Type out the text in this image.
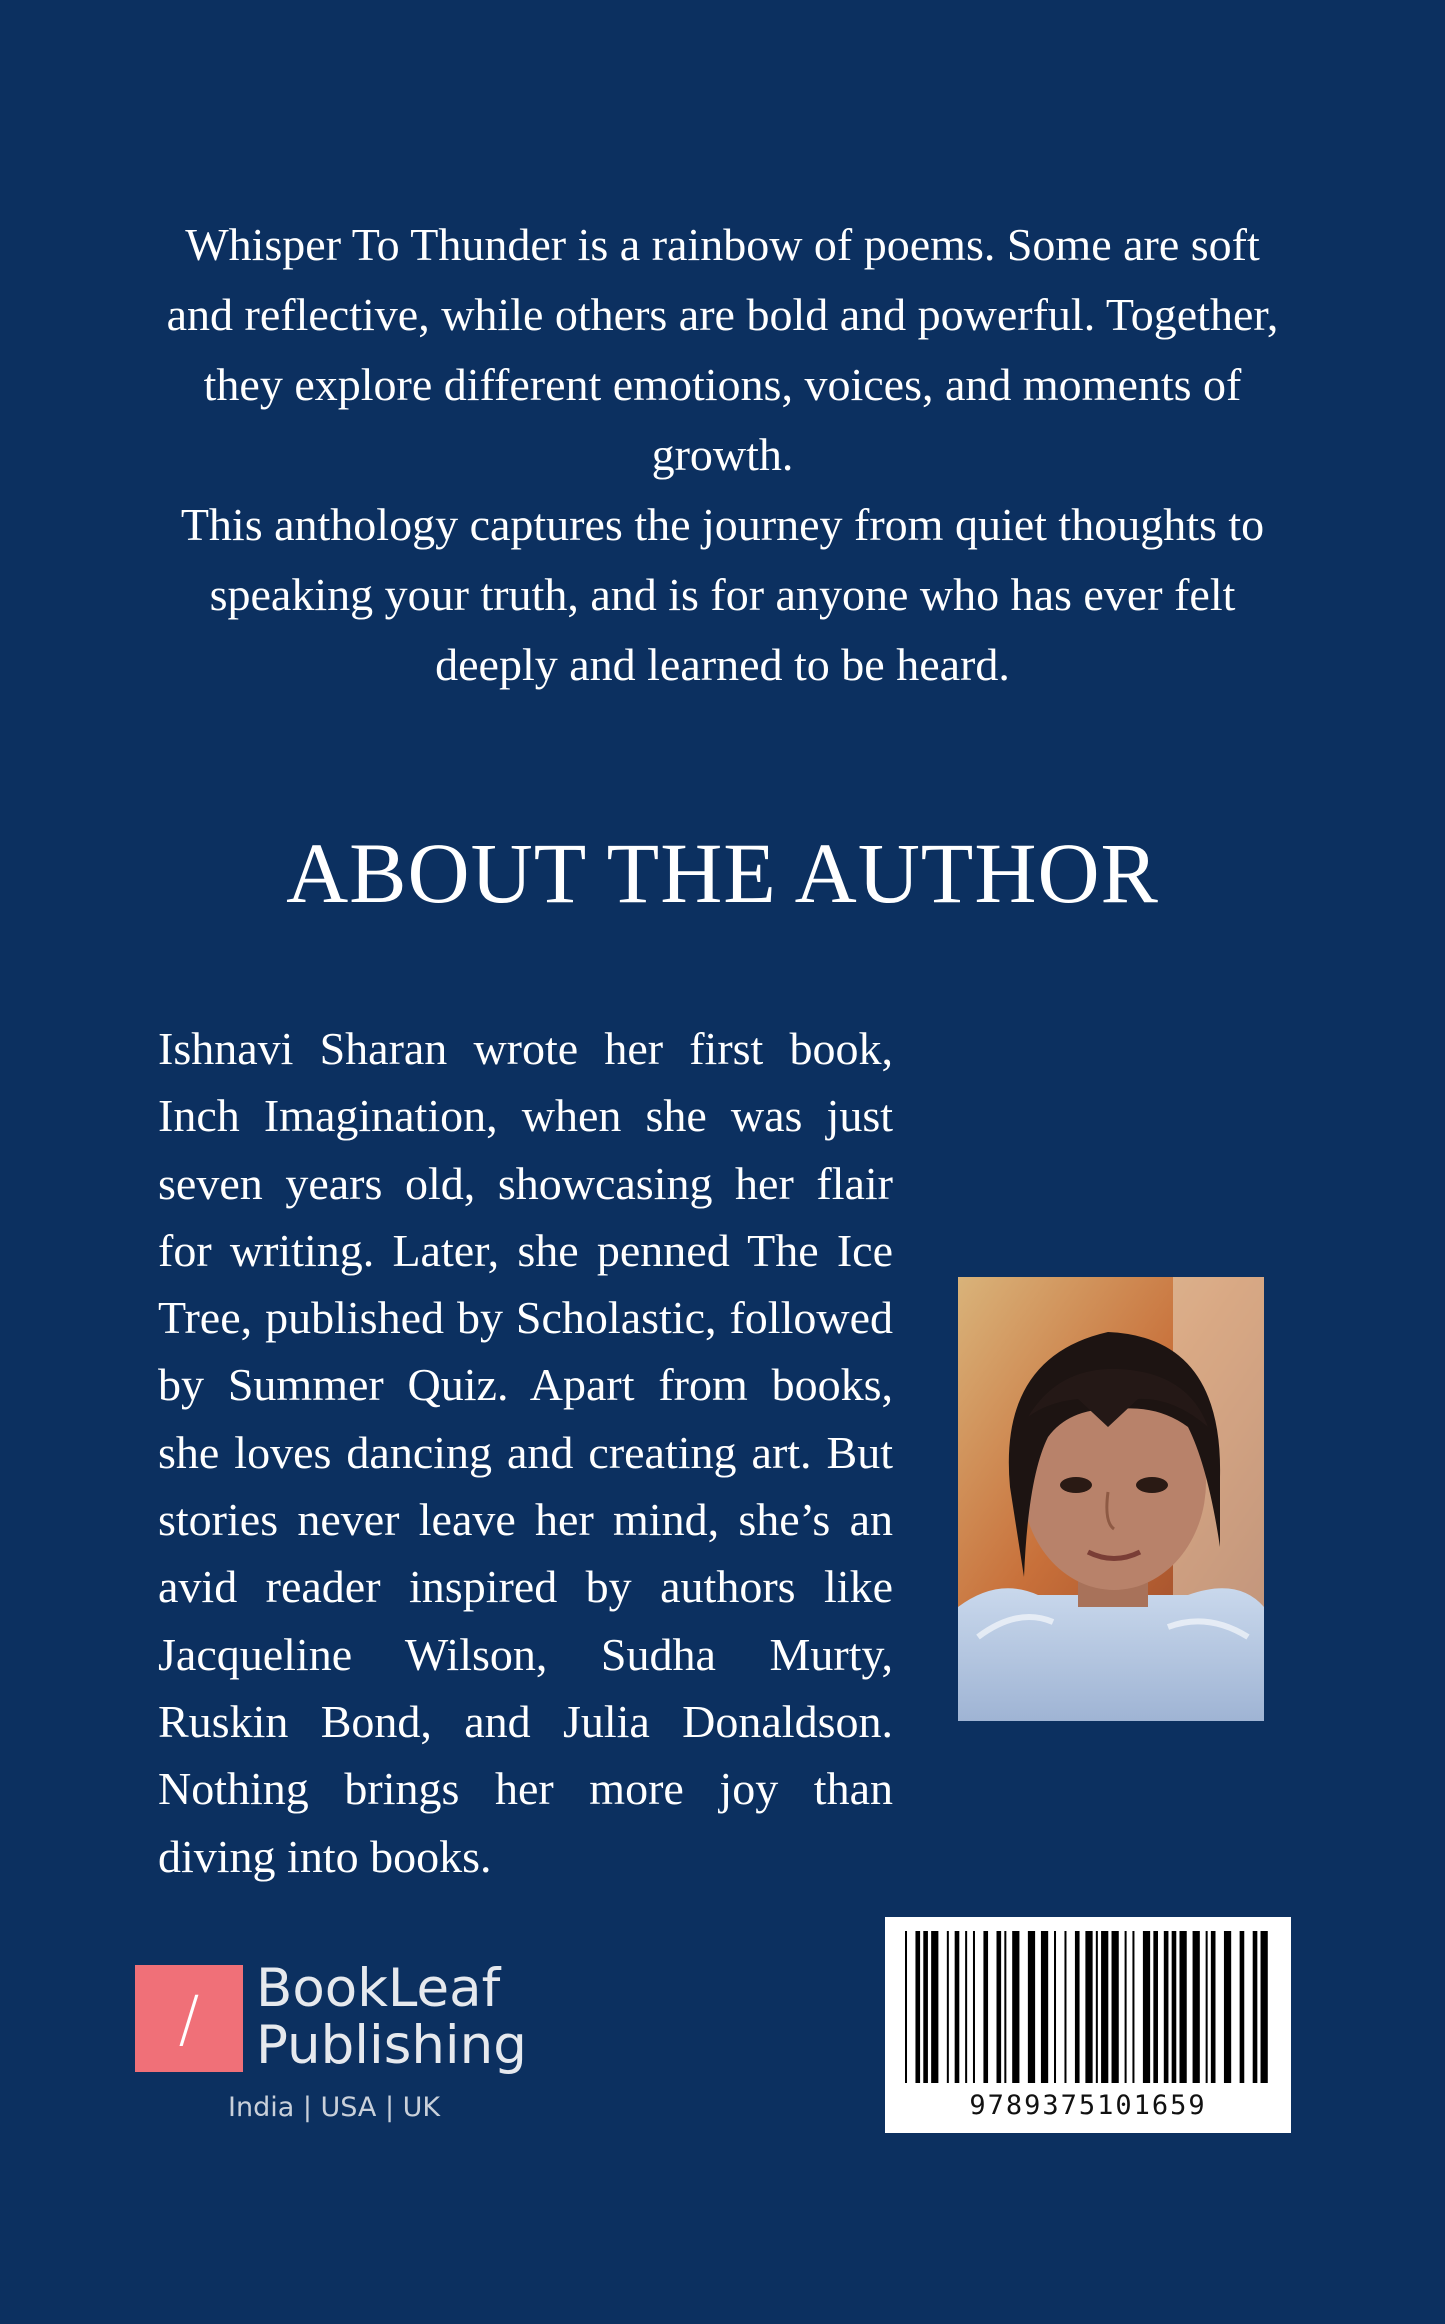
Whisper To Thunder is a rainbow of poems. Some are soft and reflective, while others are bold and powerful. Together, they explore different emotions, voices, and moments of growth.

This anthology captures the journey from quiet thoughts to speaking your truth, and is for anyone who has ever felt deeply and learned to be heard.

ABOUT THE AUTHOR
Ishnavi Sharan wrote her first book, Inch Imagination, when she was just seven years old, showcasing her flair for writing. Later, she penned The Ice Tree, published by Scholastic, followed by Summer Quiz. Apart from books, she loves dancing and creating art. But stories never leave her mind, she’s an avid reader inspired by authors like Jacqueline Wilson, Sudha Murty, Ruskin Bond, and Julia Donaldson. Nothing brings her more joy than diving into books.
/	BookLeaf
Publishing
India | USA | UK	9789375101659
